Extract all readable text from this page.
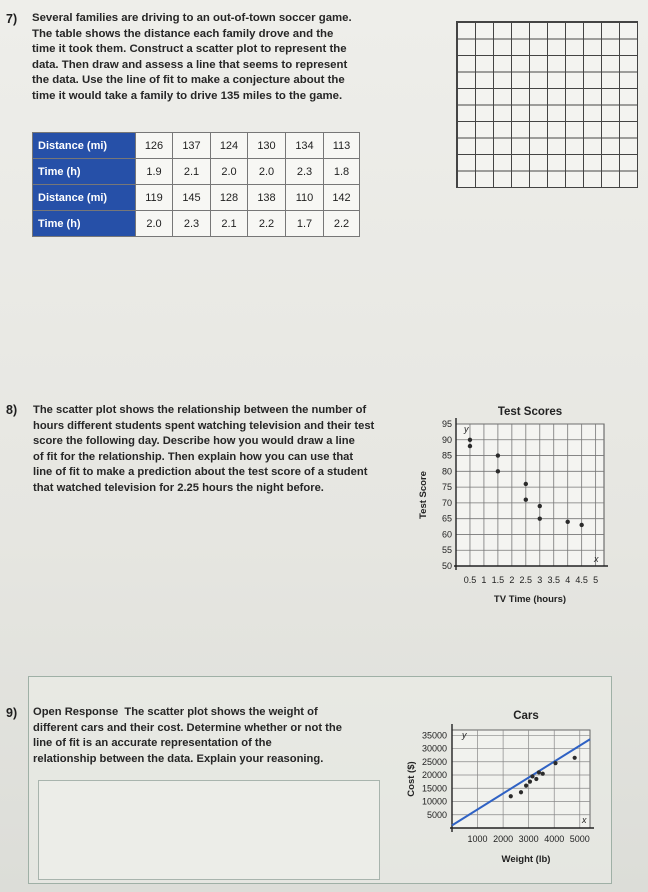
7) Several families are driving to an out-of-town soccer game.
The table shows the distance each family drove and the
time it took them. Construct a scatter plot to represent the
data. Then draw and assess a line that seems to represent
the data. Use the line of fit to make a conjecture about the
time it would take a family to drive 135 miles to the game.
Distance (mi)	126	137	124	130	134	113
Time (h)	1.9	2.1	2.0	2.0	2.3	1.8
Distance (mi)	119	145	128	138	110	142
Time (h)	2.0	2.3	2.1	2.2	1.7	2.2
8) The scatter plot shows the relationship between the number of
hours different students spent watching television and their test
score the following day. Describe how you would draw a line
of fit for the relationship. Then explain how you can use that
line of fit to make a prediction about the test score of a student
that watched television for 2.25 hours the night before.
y
x
95
90
85
80
75
70
65
60
55
50
0.5 1 1.5 2 2.5 3 3.5 4 4.5 5
Test Scores
TV Time (hours)
Test Score
9) Open Response The scatter plot shows the weight of
different cars and their cost. Determine whether or not the
line of fit is an accurate representation of the
relationship between the data. Explain your reasoning.
y
x
35000
30000
25000
20000
15000
10000
5000
1000 2000 3000 4000 5000
Cars
Weight (lb)
Cost ($)
